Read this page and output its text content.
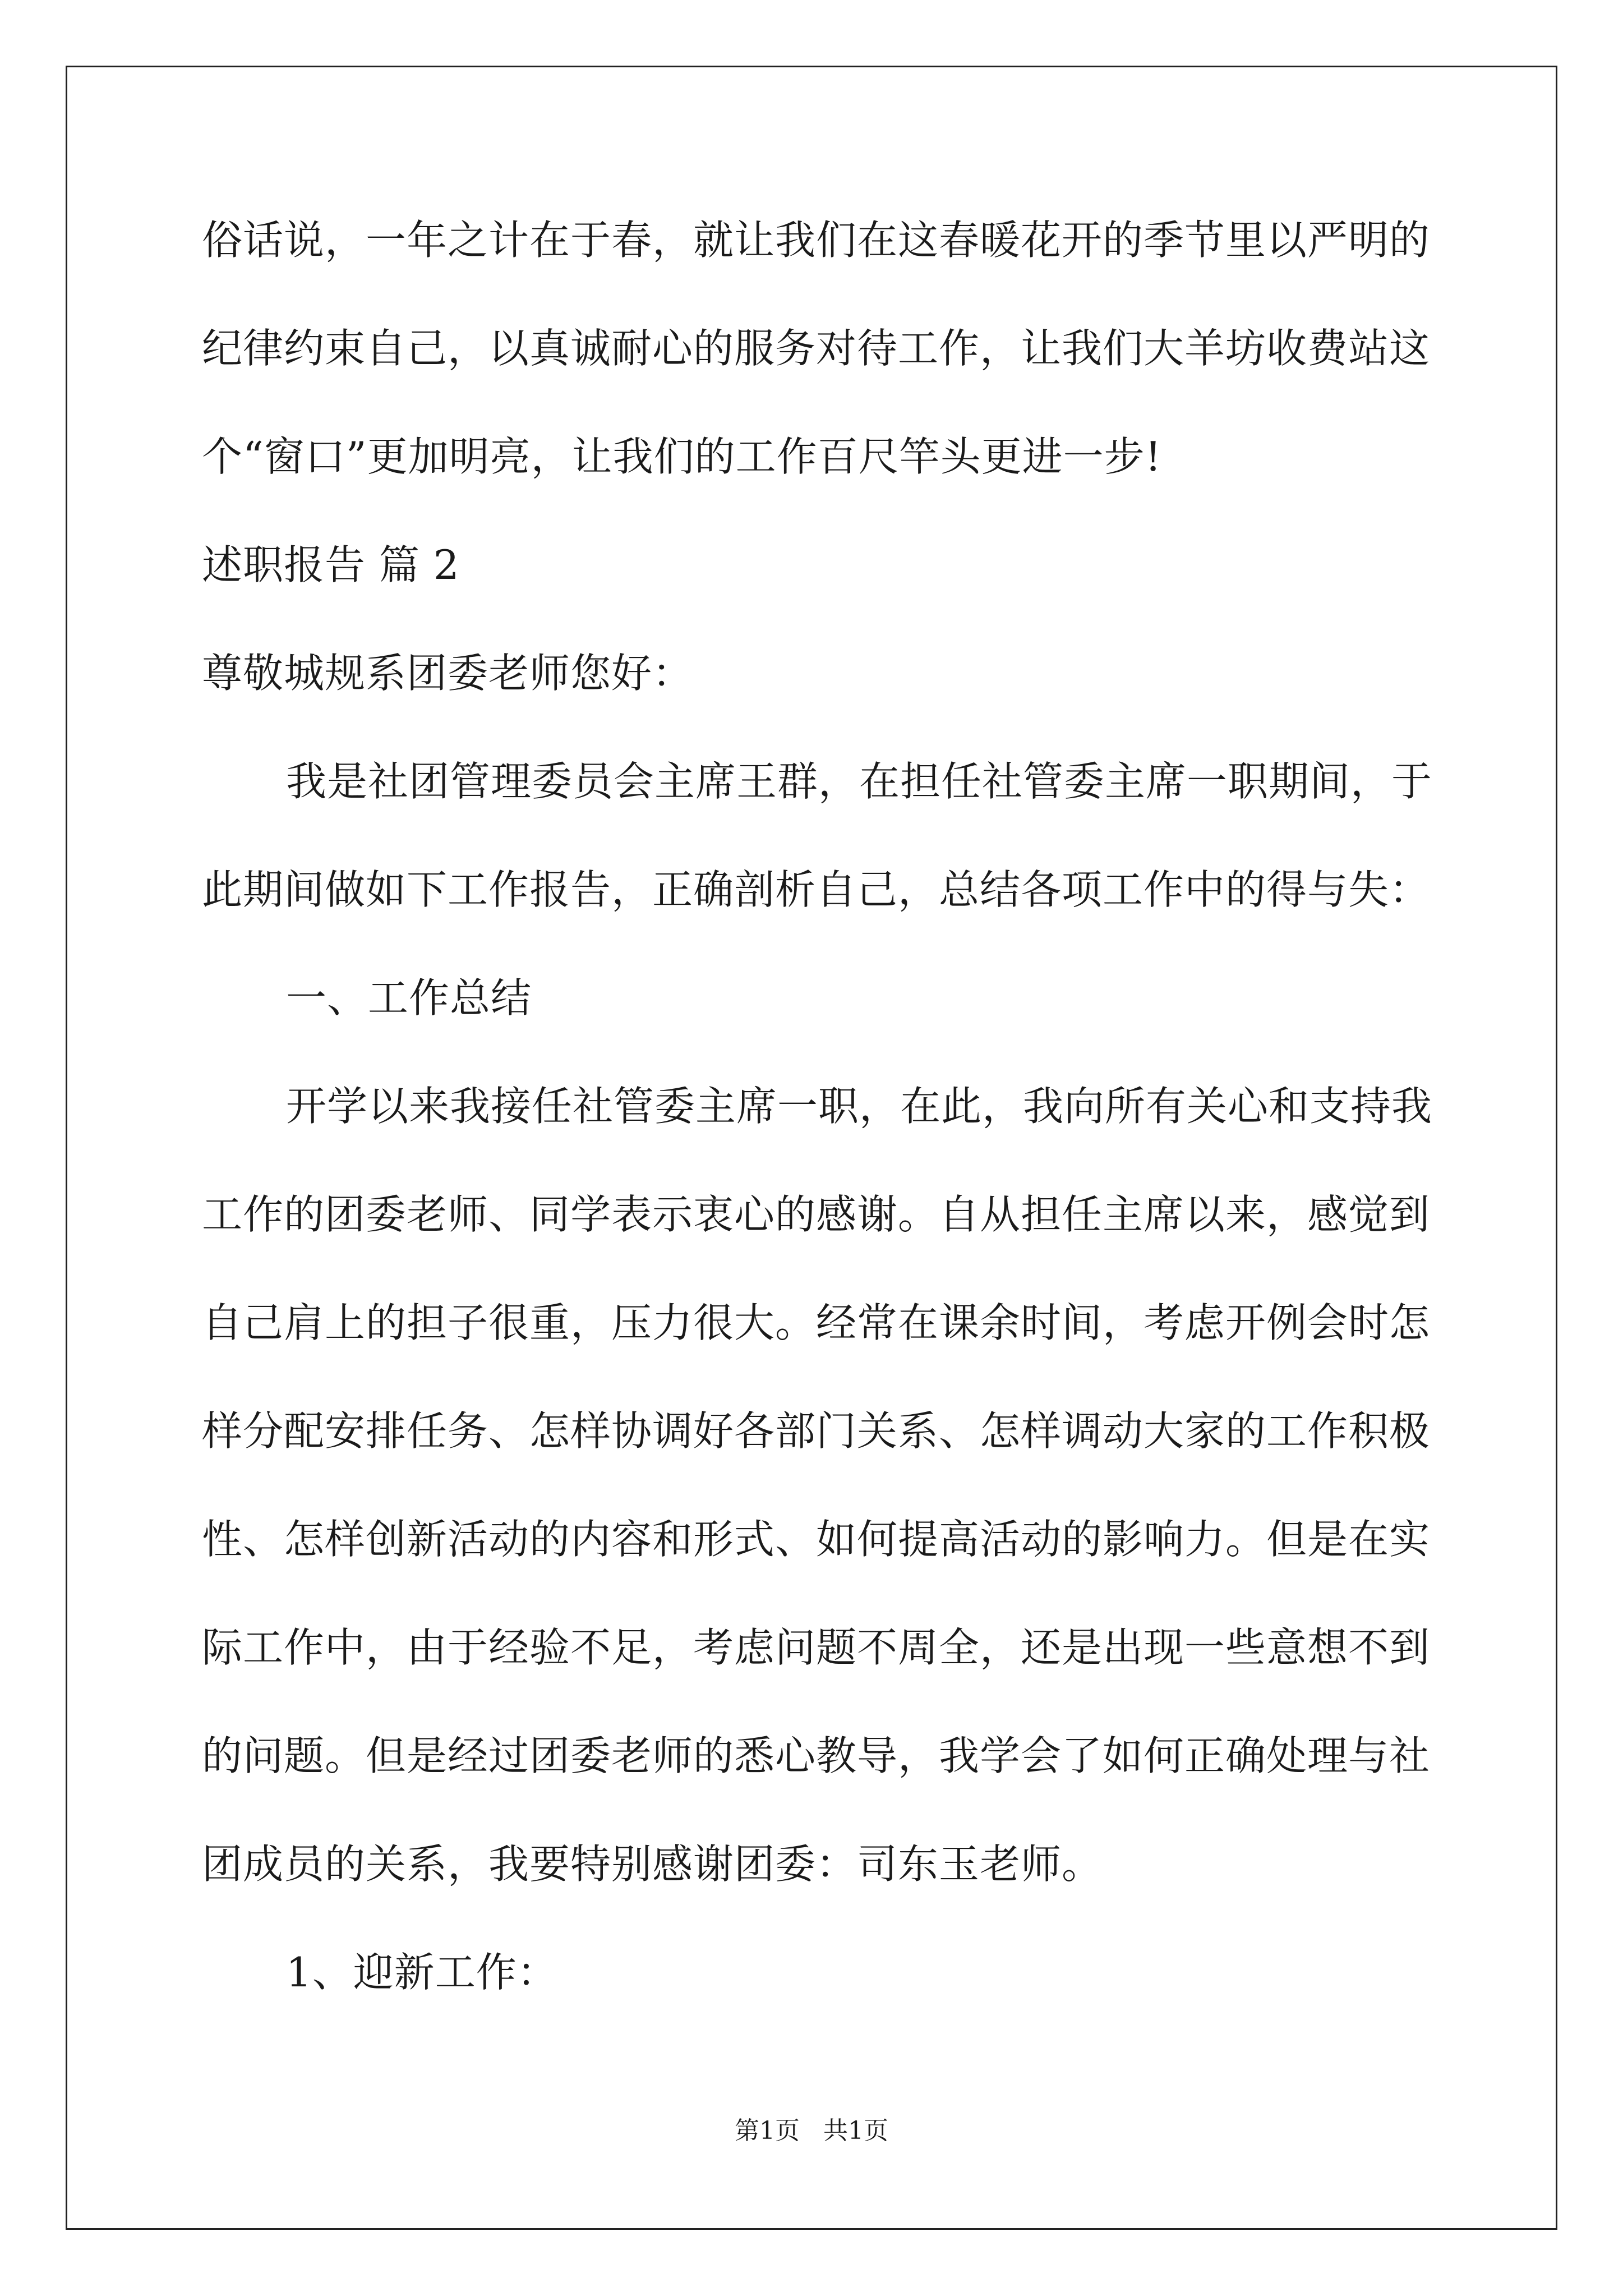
俗话说，一年之计在于春，就让我们在这春暖花开的季节里以严明的

纪律约束自己，以真诚耐心的服务对待工作，让我们大羊坊收费站这

个“窗口”更加明亮，让我们的工作百尺竿头更进一步!

述职报告 篇 2

尊敬城规系团委老师您好：

我是社团管理委员会主席王群，在担任社管委主席一职期间，于

此期间做如下工作报告，正确剖析自己，总结各项工作中的得与失：

一、工作总结

开学以来我接任社管委主席一职，在此，我向所有关心和支持我

工作的团委老师、同学表示衷心的感谢。自从担任主席以来，感觉到

自己肩上的担子很重，压力很大。经常在课余时间，考虑开例会时怎

样分配安排任务、怎样协调好各部门关系、怎样调动大家的工作积极

性、怎样创新活动的内容和形式、如何提高活动的影响力。但是在实

际工作中，由于经验不足，考虑问题不周全，还是出现一些意想不到

的问题。但是经过团委老师的悉心教导，我学会了如何正确处理与社

团成员的关系，我要特别感谢团委：司东玉老师。

1、迎新工作：

第1页   共1页
